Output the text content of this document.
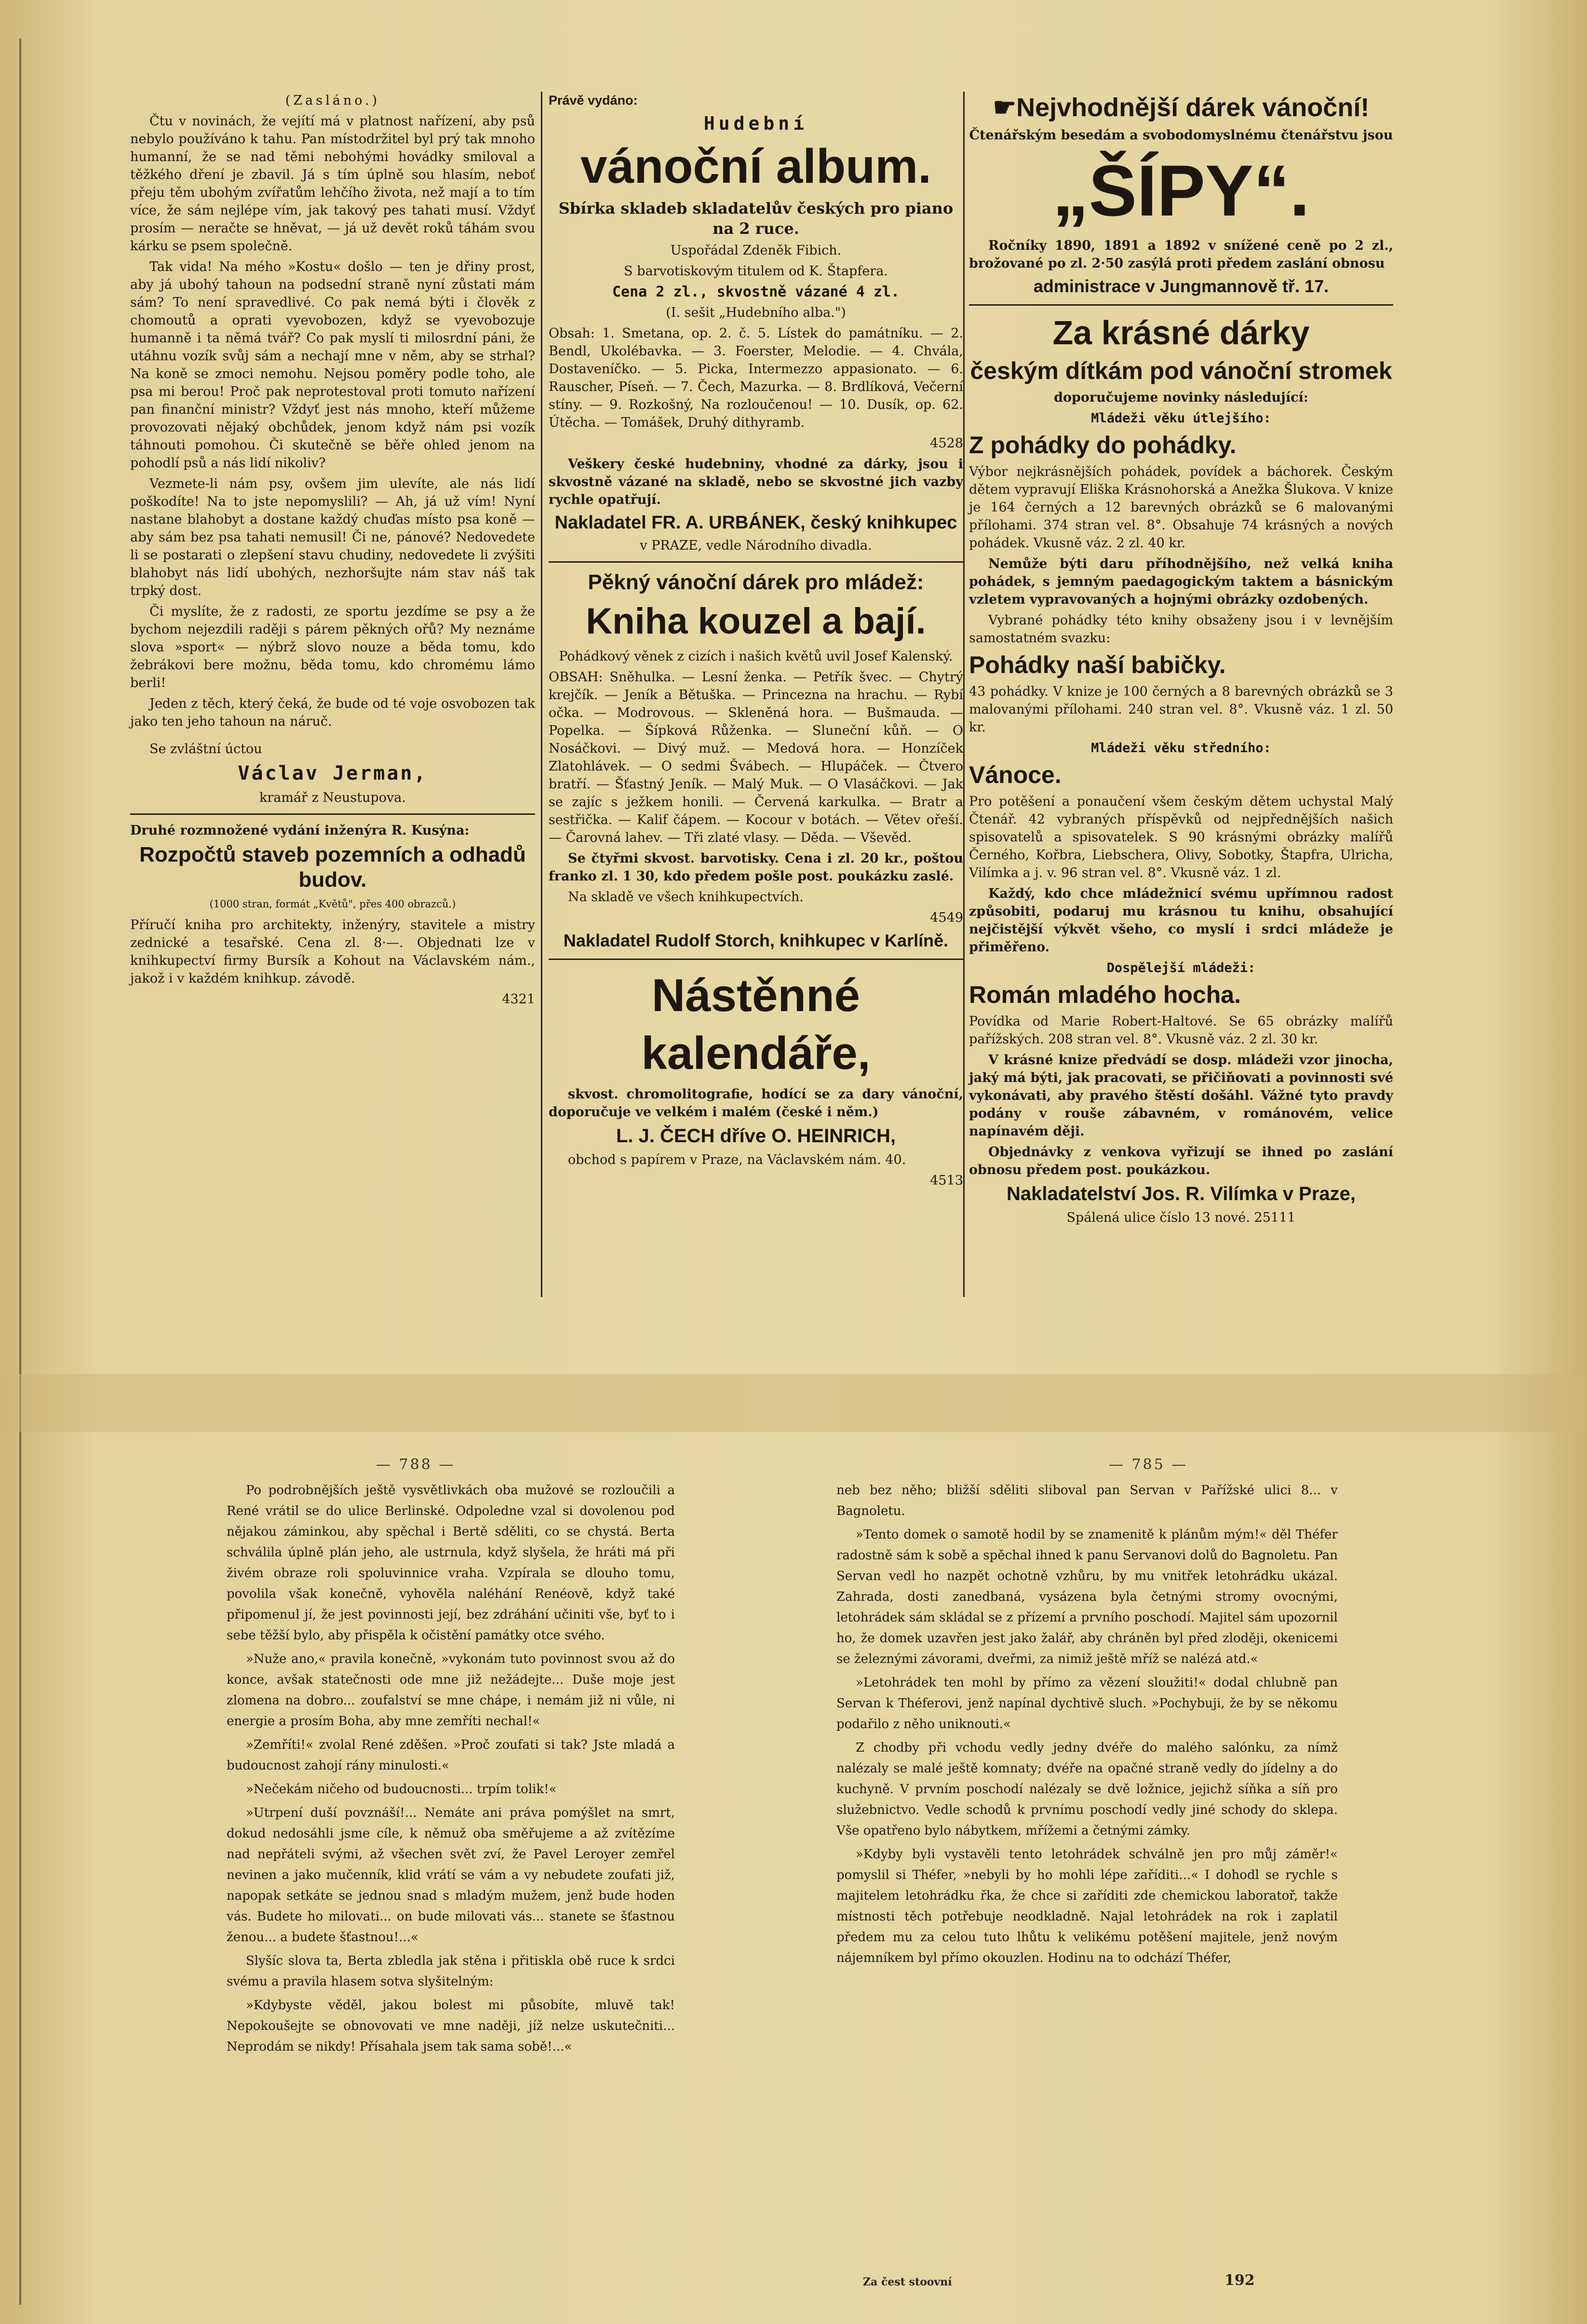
(Zasláno.)

Čtu v novinách, že vejítí má v platnost nařízení, aby psů nebylo používáno k tahu. Pan místodržitel byl prý tak mnoho humanní, že se nad těmi nebohými hovádky smiloval a těžkého dření je zbavil. Já s tím úplně sou hlasím, neboť přeju těm ubohým zvířatům lehčího života, než mají a to tím více, že sám nejlépe vím, jak takový pes tahati musí. Vždyť prosím — neračte se hněvat, — já už devět roků táhám svou kárku se psem společně.

Tak vida! Na mého »Kostu« došlo — ten je dřiny prost, aby já ubohý tahoun na podsední straně nyní zůstati mám sám? To není spravedlivé. Co pak nemá býti i člověk z chomoutů a oprati vyevobozen, když se vyevobozuje humanně i ta němá tvář? Co pak myslí ti milosrdní páni, že utáhnu vozík svůj sám a nechají mne v něm, aby se strhal? Na koně se zmoci nemohu. Nejsou poměry podle toho, ale psa mi berou! Proč pak neprotestoval proti tomuto nařízení pan finanční ministr? Vždyť jest nás mnoho, kteří můžeme provozovati nějaký obchůdek, jenom když nám psi vozík táhnouti pomohou. Či skutečně se běře ohled jenom na pohodlí psů a nás lidí nikoliv?

Vezmete-li nám psy, ovšem jim ulevíte, ale nás lidí poškodíte! Na to jste nepomyslili? — Ah, já už vím! Nyní nastane blahobyt a dostane každý chuďas místo psa koně — aby sám bez psa tahati nemusil! Či ne, pánové? Nedovedete li se postarati o zlepšení stavu chudiny, nedovedete li zvýšiti blahobyt nás lidí ubohých, nezhoršujte nám stav náš tak trpký dost.

Či myslíte, že z radosti, ze sportu jezdíme se psy a že bychom nejezdili raději s párem pěkných ořů? My neznáme slova »sport« — nýbrž slovo nouze a běda tomu, kdo žebrákovi bere možnu, běda tomu, kdo chromému lámo berli!

Jeden z těch, který čeká, že bude od té voje osvobozen tak jako ten jeho tahoun na náruč.

Se zvláštní úctou

Václav Jerman,

kramář z Neustupova.

Druhé rozmnožené vydání inženýra R. Kusýna:

Rozpočtů staveb pozemních a odhadů budov.

(1000 stran, formát „Květů", přes 400 obrazců.)

Příručí kniha pro architekty, inženýry, stavitele a mistry zednické a tesařské. Cena zl. 8·—. Objednati lze v knihkupectví firmy Bursík a Kohout na Václavském nám., jakož i v každém knihkup. závodě.

4321

Právě vydáno:

Hudební

vánoční album.

Sbírka skladeb skladatelův českých pro piano na 2 ruce.

Uspořádal Zdeněk Fibich.

S barvotiskovým titulem od K. Štapfera.

Cena 2 zl., skvostně vázané 4 zl.

(I. sešit „Hudebního alba.")

Obsah: 1. Smetana, op. 2. č. 5. Lístek do památníku. — 2. Bendl, Ukolébavka. — 3. Foerster, Melodie. — 4. Chvála, Dostaveníčko. — 5. Picka, Intermezzo appasionato. — 6. Rauscher, Píseň. — 7. Čech, Mazurka. — 8. Brdlíková, Večerní stíny. — 9. Rozkošný, Na rozloučenou! — 10. Dusík, op. 62. Útěcha. — Tomášek, Druhý dithyramb.

4528

Veškery české hudebniny, vhodné za dárky, jsou i skvostně vázané na skladě, nebo se skvostné jich vazby rychle opatřují.

Nakladatel FR. A. URBÁNEK, český knihkupec

v PRAZE, vedle Národního divadla.

Pěkný vánoční dárek pro mládež:

Kniha kouzel a bají.

Pohádkový věnek z cizích i našich květů uvil Josef Kalenský.

OBSAH: Sněhulka. — Lesní ženka. — Petřík švec. — Chytrý krejčík. — Jeník a Bětuška. — Princezna na hrachu. — Rybí očka. — Modrovous. — Skleněná hora. — Bušmauda. — Popelka. — Šípková Růženka. — Sluneční kůň. — O Nosáčkovi. — Divý muž. — Medová hora. — Honzíček Zlatohlávek. — O sedmi Švábech. — Hlupáček. — Čtvero bratří. — Šťastný Jeník. — Malý Muk. — O Vlasáčkovi. — Jak se zajíc s ježkem honili. — Červená karkulka. — Bratr a sestřička. — Kalif čápem. — Kocour v botách. — Větev ořeší. — Čarovná lahev. — Tři zlaté vlasy. — Děda. — Vševěd.

Se čtyřmi skvost. barvotisky. Cena i zl. 20 kr., poštou franko zl. 1 30, kdo předem pošle post. poukázku zaslé.

Na skladě ve všech knihkupectvích.

4549

Nakladatel Rudolf Storch, knihkupec v Karlíně.

Nástěnné kalendáře,

skvost. chromolitografie, hodící se za dary vánoční, doporučuje ve velkém i malém (české i něm.)

L. J. ČECH dříve O. HEINRICH,

obchod s papírem v Praze, na Václavském nám. 40.

4513

☛Nejvhodnější dárek vánoční!

Čtenářským besedám a svobodomyslnému čtenářstvu jsou

„ŠÍPY“.

Ročníky 1890, 1891 a 1892 v snížené ceně po 2 zl., brožované po zl. 2·50 zasýlá proti předem zaslání obnosu

administrace v Jungmannově tř. 17.

Za krásné dárky

českým dítkám pod vánoční stromek

doporučujeme novinky následující:

Mládeži věku útlejšího:

Z pohádky do pohádky.

Výbor nejkrásnějších pohádek, povídek a báchorek. Českým dětem vypravují Eliška Krásnohorská a Anežka Šlukova. V knize je 164 černých a 12 barevných obrázků se 6 malovanými přílohami. 374 stran vel. 8°. Obsahuje 74 krásných a nových pohádek. Vkusně váz. 2 zl. 40 kr.

Nemůže býti daru příhodnějšího, než velká kniha pohádek, s jemným paedagogickým taktem a básnickým vzletem vypravovaných a hojnými obrázky ozdobených.

Vybrané pohádky této knihy obsaženy jsou i v levnějším samostatném svazku:

Pohádky naší babičky.

43 pohádky. V knize je 100 černých a 8 barevných obrázků se 3 malovanými přílohami. 240 stran vel. 8°. Vkusně váz. 1 zl. 50 kr.

Mládeži věku středního:

Vánoce.

Pro potěšení a ponaučení všem českým dětem uchystal Malý Čtenář. 42 vybraných příspěvků od nejpřednějších našich spisovatelů a spisovatelek. S 90 krásnými obrázky malířů Černého, Kořbra, Liebschera, Olivy, Sobotky, Štapfra, Ulricha, Vilímka a j. v. 96 stran vel. 8°. Vkusně váz. 1 zl.

Každý, kdo chce mládežnicí svému upřímnou radost způsobiti, podaruj mu krásnou tu knihu, obsahující nejčistější výkvět všeho, co myslí i srdci mládeže je přiměřeno.

Dospělejší mládeži:

Román mladého hocha.

Povídka od Marie Robert-Haltové. Se 65 obrázky malířů pařížských. 208 stran vel. 8°. Vkusně váz. 2 zl. 30 kr.

V krásné knize předvádí se dosp. mládeži vzor jinocha, jaký má býti, jak pracovati, se přičiňovati a povinnosti své vykonávati, aby pravého štěstí došáhl. Vážné tyto pravdy podány v rouše zábavném, v románovém, velice napínavém ději.

Objednávky z venkova vyřizují se ihned po zaslání obnosu předem post. poukázkou.

Nakladatelství Jos. R. Vilímka v Praze,

Spálená ulice číslo 13 nové. 25111

— 788 —	— 785 —

Po podrobnějších ještě vysvětlivkách oba mužové se rozloučili a René vrátil se do ulice Berlinské. Odpoledne vzal si dovolenou pod nějakou záminkou, aby spěchal i Bertě sděliti, co se chystá. Berta schválila úplně plán jeho, ale ustrnula, když slyšela, že hráti má při živém obraze roli spoluvinnice vraha. Vzpírala se dlouho tomu, povolila však konečně, vyhověla naléhání Renéově, když také připomenul jí, že jest povinnosti její, bez zdráhání učiniti vše, byť to i sebe těžší bylo, aby přispěla k očistění památky otce svého.

»Nuže ano,« pravila konečně, »vykonám tuto povinnost svou až do konce, avšak statečnosti ode mne již nežádejte... Duše moje jest zlomena na dobro... zoufalství se mne chápe, i nemám již ni vůle, ni energie a prosím Boha, aby mne zemříti nechal!«

»Zemříti!« zvolal René zděšen. »Proč zoufati si tak? Jste mladá a budoucnost zahojí rány minulosti.«

»Nečekám ničeho od budoucnosti... trpím tolik!«

»Utrpení duší povznáší!... Nemáte ani práva pomýšlet na smrt, dokud nedosáhli jsme cíle, k němuž oba směřujeme a až zvítězíme nad nepřáteli svými, až všechen svět zví, že Pavel Leroyer zemřel nevinen a jako mučenník, klid vrátí se vám a vy nebudete zoufati již, napopak setkáte se jednou snad s mladým mužem, jenž bude hoden vás. Budete ho milovati... on bude milovati vás... stanete se šťastnou ženou... a budete šťastnou!...«

Slyšíc slova ta, Berta zbledla jak stěna i přitiskla obě ruce k srdci svému a pravila hlasem sotva slyšitelným:

»Kdybyste věděl, jakou bolest mi působíte, mluvě tak! Nepokoušejte se obnovovati ve mne naději, jíž nelze uskutečniti... Neprodám se nikdy! Přísahala jsem tak sama sobě!...«

neb bez něho; bližší sděliti sliboval pan Servan v Pařížské ulici 8... v Bagnoletu.

»Tento domek o samotě hodil by se znamenitě k plánům mým!« děl Théfer radostně sám k sobě a spěchal ihned k panu Servanovi dolů do Bagnoletu. Pan Servan vedl ho nazpět ochotně vzhůru, by mu vnitřek letohrádku ukázal. Zahrada, dosti zanedbaná, vysázena byla četnými stromy ovocnými, letohrádek sám skládal se z přízemí a prvního poschodí. Majitel sám upozornil ho, že domek uzavřen jest jako žalář, aby chráněn byl před zloději, okenicemi se železnými závorami, dveřmi, za nimiž ještě mříž se nalézá atd.«

»Letohrádek ten mohl by přímo za vězení sloužiti!« dodal chlubně pan Servan k Théferovi, jenž napínal dychtivě sluch. »Pochybuji, že by se někomu podařilo z něho uniknouti.«

Z chodby při vchodu vedly jedny dvéře do malého salónku, za nímž nalézaly se malé ještě komnaty; dvéře na opačné straně vedly do jídelny a do kuchyně. V prvním poschodí nalézaly se dvě ložnice, jejichž síňka a síň pro služebnictvo. Vedle schodů k prvnímu poschodí vedly jiné schody do sklepa. Vše opatřeno bylo nábytkem, mřížemi a četnými zámky.

»Kdyby byli vystavěli tento letohrádek schválně jen pro můj záměr!« pomyslil si Théfer, »nebyli by ho mohli lépe zaříditi...« I dohodl se rychle s majitelem letohrádku řka, že chce si zaříditi zde chemickou laboratoř, takže místnosti těch potřebuje neodkladně. Najal letohrádek na rok i zaplatil předem mu za celou tuto lhůtu k velikému potěšení majitele, jenž novým nájemníkem byl přímo okouzlen. Hodinu na to odchází Théfer,

Za čest stoovní	192
